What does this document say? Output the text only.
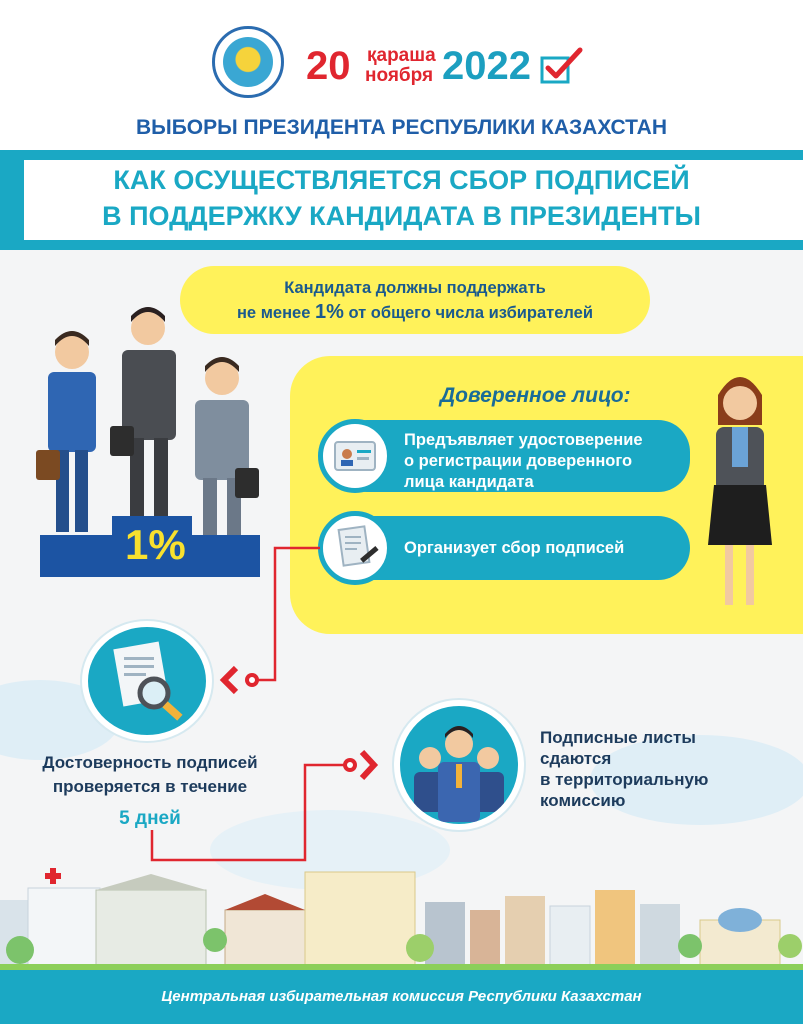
20 қараша
ноября 2022
ВЫБОРЫ ПРЕЗИДЕНТА РЕСПУБЛИКИ КАЗАХСТАН
КАК ОСУЩЕСТВЛЯЕТСЯ СБОР ПОДПИСЕЙ
В ПОДДЕРЖКУ КАНДИДАТА В ПРЕЗИДЕНТЫ
Кандидата должны поддержать
не менее 1% от общего числа избирателей
1%
Доверенное лицо:
Предъявляет удостоверение
о регистрации доверенного
лица кандидата
Организует сбор подписей
Достоверность подписей
проверяется в течение
5 дней
Подписные листы
сдаются
в территориальную
комиссию
Центральная избирательная комиссия Республики Казахстан
